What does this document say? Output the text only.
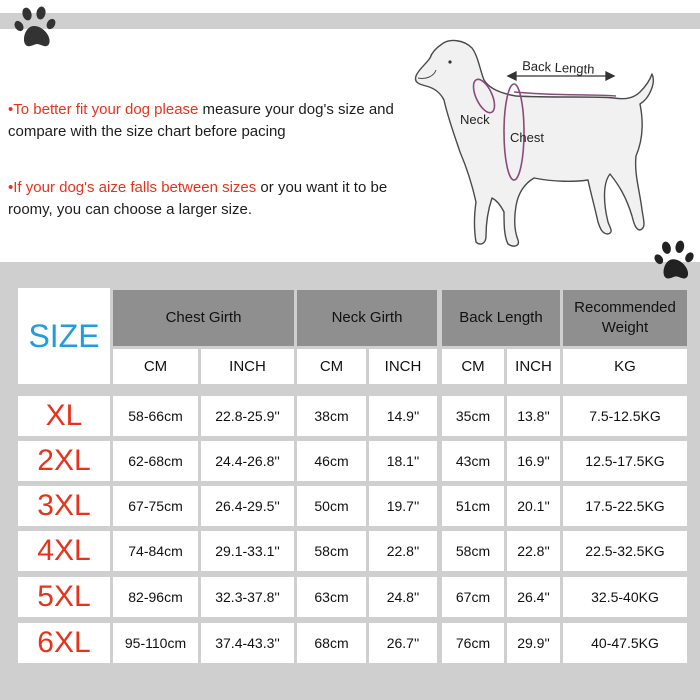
•To better fit your dog please measure your dog's size and compare with the size chart before pacing
•If your dog's aize falls between sizes or you want it to be roomy, you can choose a larger size.
Back Length
Neck
Chest
SIZE	Chest Girth	Neck Girth	Back Length
Recommended
Weight
CM	INCH	CM	INCH	CM	INCH	KG
XL	58-66cm	22.8-25.9''	38cm	14.9''	35cm	13.8''	7.5-12.5KG
2XL	62-68cm	24.4-26.8''	46cm	18.1''	43cm	16.9''	12.5-17.5KG
3XL	67-75cm	26.4-29.5''	50cm	19.7''	51cm	20.1''	17.5-22.5KG
4XL	74-84cm	29.1-33.1''	58cm	22.8''	58cm	22.8''	22.5-32.5KG
5XL	82-96cm	32.3-37.8''	63cm	24.8''	67cm	26.4''	32.5-40KG
6XL	95-110cm	37.4-43.3''	68cm	26.7''	76cm	29.9''	40-47.5KG
